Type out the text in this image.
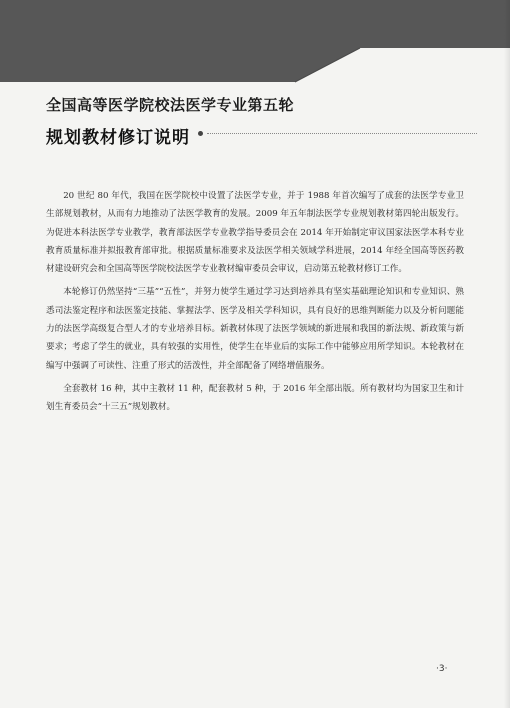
全国高等医学院校法医学专业第五轮
规划教材修订说明

20 世纪 80 年代，我国在医学院校中设置了法医学专业，并于 1988 年首次编写了成套的法医学专业卫生部规划教材，从而有力地推动了法医学教育的发展。2009 年五年制法医学专业规划教材第四轮出版发行。为促进本科法医学专业教学，教育部法医学专业教学指导委员会在 2014 年开始制定审议国家法医学本科专业教育质量标准并拟报教育部审批。根据质量标准要求及法医学相关领域学科进展，2014 年经全国高等医药教材建设研究会和全国高等医学院校法医学专业教材编审委员会审议，启动第五轮教材修订工作。

本轮修订仍然坚持“三基”“五性”，并努力使学生通过学习达到培养具有坚实基础理论知识和专业知识、熟悉司法鉴定程序和法医鉴定技能、掌握法学、医学及相关学科知识，具有良好的思维判断能力以及分析问题能力的法医学高级复合型人才的专业培养目标。新教材体现了法医学领域的新进展和我国的新法规、新政策与新要求；考虑了学生的就业，具有较强的实用性，使学生在毕业后的实际工作中能够应用所学知识。本轮教材在编写中强调了可读性、注重了形式的活泼性，并全部配备了网络增值服务。

全套教材 16 种，其中主教材 11 种，配套教材 5 种，于 2016 年全部出版。所有教材均为国家卫生和计划生育委员会“十三五”规划教材。

·3·
